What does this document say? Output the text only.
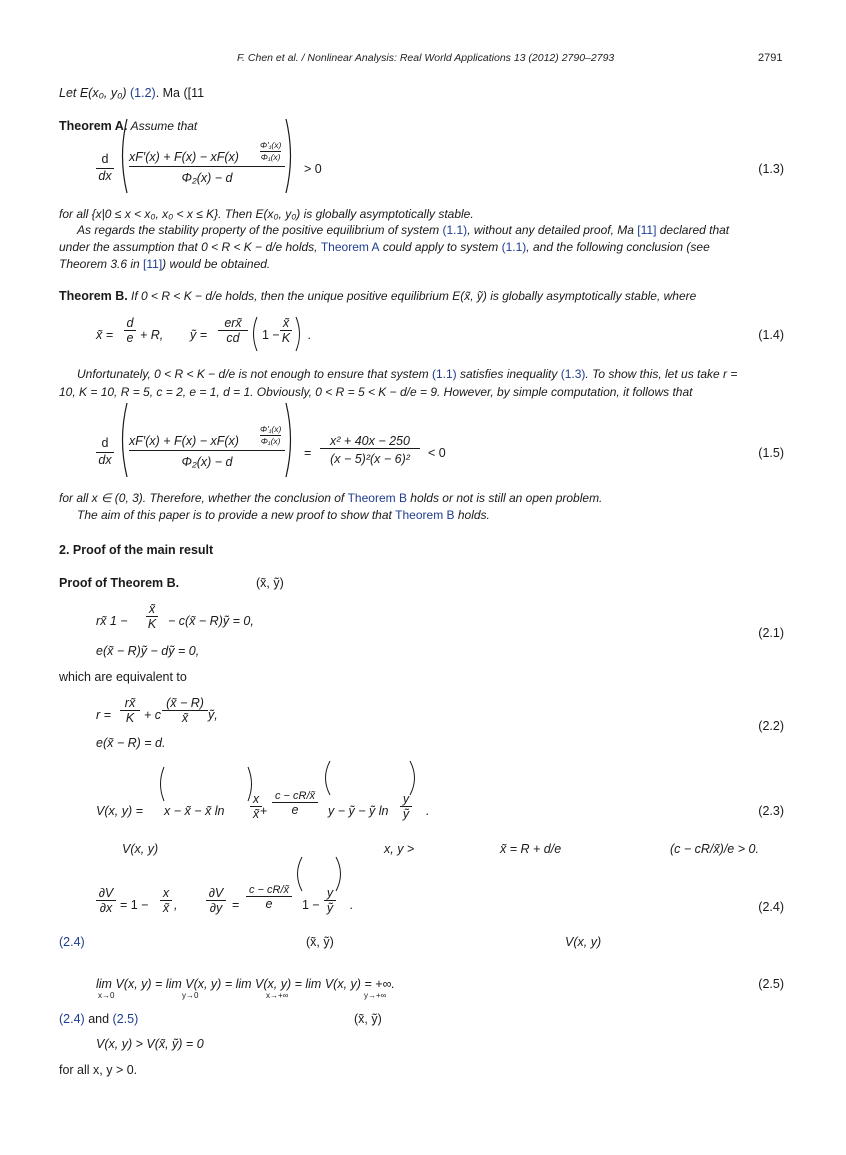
F. Chen et al. / Nonlinear Analysis: Real World Applications 13 (2012) 2790–2793	2791
Let E(x₀, y₀) (1.2). Ma ([11
Theorem A. Assume that
$\frac{d}{dx} xF'(x) + F(x) - xF(x) \frac{\text{Φ′₁(x)}}{\text{Φ₁(x)}}$
Φ₂(x) − d
> 0	(1.3)
for all {x|0 ≤ x < x₀, x₀ < x ≤ K}. Then E(x₀, y₀) is globally asymptotically stable.
As regards the stability property of the positive equilibrium of system (1.1), without any detailed proof, Ma [11] declared that
under the assumption that 0 < R < K − d/e holds, Theorem A could apply to system (1.1), and the following conclusion (see
Theorem 3.6 in [11]) would be obtained.
Theorem B. If 0 < R < K − d/e holds, then the unique positive equilibrium E(x̃, ỹ) is globally asymptotically stable, where
x̃ = $\frac{d}{e} + R$, ỹ =
erx̃
cd	$1 - \frac{x̃}{K}$ .	(1.4)
Unfortunately, 0 < R < K − d/e is not enough to ensure that system (1.1) satisfies inequality (1.3). To show this, let us take r =
10, K = 10, R = 5, c = 2, e = 1, d = 1. Obviously, 0 < R = 5 < K − d/e = 9. However, by simple computation, it follows that
$\frac{d}{dx} xF'(x) + F(x) - xF(x) \frac{\text{Φ′₁(x)}}{\text{Φ₁(x)}}$
Φ₂(x) − d
= $\frac{\text{x² + 40x − 250}}{\text{(x − 5)²(x − 6)²}} < 0$	(1.5)
for all x ∈ (0, 3). Therefore, whether the conclusion of Theorem B holds or not is still an open problem.
The aim of this paper is to provide a new proof to show that Theorem B holds.
2. Proof of the main result
Proof of Theorem B.	(x̃, ỹ)
rx̃ $1 - \frac{x̃}{K}$ − c(x̃ − R)ỹ = 0,
e(x̃ − R)ỹ − dỹ = 0,
(2.1)
which are equivalent to
$r = \frac{rx̃}{K} + c \frac{(x̃ - R)}{x̃}$ ỹ,
e(x̃ − R) = d.
(2.2)
V(x, y) = x − x̃ − x̃ $\ln \frac{x}{x̃}$
+ $\frac{c - cR/x̃}{e}$ y − ỹ − ỹ $\ln \frac{y}{\text{ỹ}}$ .	(2.3)
V(x, y)	x, y >	x̃ = R + d/e	(c − cR/x̃)/e > 0.
$\frac{\partial V}{\partial x} = 1 - \frac{x}{x̃}$ , $\frac{\partial V}{\partial y} = \frac{c - cR/x̃}{e} 1 - \frac{y}{\text{ỹ}}$ .	(2.4)
(2.4)	(x̃, ỹ)	V(x, y)
lim V(x, y) = lim V(x, y) = lim V(x, y) = lim V(x, y) = +∞.
x→0	y→0	x→+∞	y→+∞
(2.5)
(2.4) and (2.5)	(x̃, ỹ)
V(x, y) > V(x̃, ỹ) = 0
for all x, y > 0.
